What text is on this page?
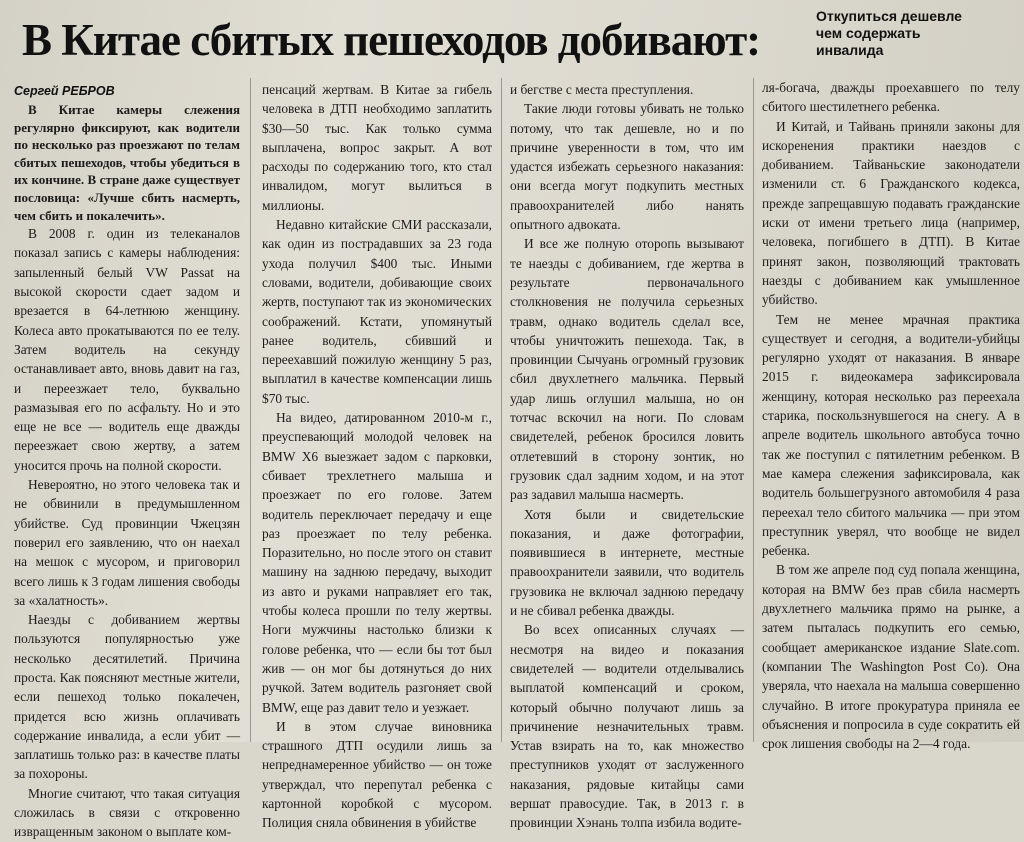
В Китае сбитых пешеходов добивают:	Откупиться дешевле
чем содержать
инвалида
Сергей РЕБРОВ

В Китае камеры слежения регулярно фиксируют, как водители по несколько раз проезжают по телам сбитых пешеходов, чтобы убедиться в их кончине. В стране даже существует пословица: «Лучше сбить насмерть, чем сбить и покалечить».

В 2008 г. один из телеканалов показал запись с камеры наблюдения: запыленный белый VW Passat на высокой скорости сдает задом и врезается в 64-летнюю женщину. Колеса авто прокатываются по ее телу. Затем водитель на секунду останавливает авто, вновь давит на газ, и переезжает тело, буквально размазывая его по асфальту. Но и это еще не все — водитель еще дважды переезжает свою жертву, а затем уносится прочь на полной скорости.

Невероятно, но этого человека так и не обвинили в предумышленном убийстве. Суд провинции Чжецзян поверил его заявлению, что он наехал на мешок с мусором, и приговорил всего лишь к 3 годам лишения свободы за «халатность».

Наезды с добиванием жертвы пользуются популярностью уже несколько десятилетий. Причина проста. Как поясняют местные жители, если пешеход только покалечен, придется всю жизнь оплачивать содержание инвалида, а если убит — заплатишь только раз: в качестве платы за похороны.

Многие считают, что такая ситуация сложилась в связи с откровенно извращенным законом о выплате ком-

пенсаций жертвам. В Китае за гибель человека в ДТП необходимо заплатить $30—50 тыс. Как только сумма выплачена, вопрос закрыт. А вот расходы по содержанию того, кто стал инвалидом, могут вылиться в миллионы.

Недавно китайские СМИ рассказали, как один из пострадавших за 23 года ухода получил $400 тыс. Иными словами, водители, добивающие своих жертв, поступают так из экономических соображений. Кстати, упомянутый ранее водитель, сбивший и переехавший пожилую женщину 5 раз, выплатил в качестве компенсации лишь $70 тыс.

На видео, датированном 2010-м г., преуспевающий молодой человек на BMW X6 выезжает задом с парковки, сбивает трехлетнего малыша и проезжает по его голове. Затем водитель переключает передачу и еще раз проезжает по телу ребенка. Поразительно, но после этого он ставит машину на заднюю передачу, выходит из авто и руками направляет его так, чтобы колеса прошли по телу жертвы. Ноги мужчины настолько близки к голове ребенка, что — если бы тот был жив — он мог бы дотянуться до них ручкой. Затем водитель разгоняет свой BMW, еще раз давит тело и уезжает.

И в этом случае виновника страшного ДТП осудили лишь за непреднамеренное убийство — он тоже утверждал, что перепутал ребенка с картонной коробкой с мусором. Полиция сняла обвинения в убийстве

и бегстве с места преступления.

Такие люди готовы убивать не только потому, что так дешевле, но и по причине уверенности в том, что им удастся избежать серьезного наказания: они всегда могут подкупить местных правоохранителей либо нанять опытного адвоката.

И все же полную оторопь вызывают те наезды с добиванием, где жертва в результате первоначального столкновения не получила серьезных травм, однако водитель сделал все, чтобы уничтожить пешехода. Так, в провинции Сычуань огромный грузовик сбил двухлетнего мальчика. Первый удар лишь оглушил малыша, но он тотчас вскочил на ноги. По словам свидетелей, ребенок бросился ловить отлетевший в сторону зонтик, но грузовик сдал задним ходом, и на этот раз задавил малыша насмерть.

Хотя были и свидетельские показания, и даже фотографии, появившиеся в интернете, местные правоохранители заявили, что водитель грузовика не включал заднюю передачу и не сбивал ребенка дважды.

Во всех описанных случаях — несмотря на видео и показания свидетелей — водители отделывались выплатой компенсаций и сроком, который обычно получают лишь за причинение незначительных травм. Устав взирать на то, как множество преступников уходят от заслуженного наказания, рядовые китайцы сами вершат правосудие. Так, в 2013 г. в провинции Хэнань толпа избила водите-

ля-богача, дважды проехавшего по телу сбитого шестилетнего ребенка.

И Китай, и Тайвань приняли законы для искоренения практики наездов с добиванием. Тайваньские законодатели изменили ст. 6 Гражданского кодекса, прежде запрещавшую подавать гражданские иски от имени третьего лица (например, человека, погибшего в ДТП). В Китае принят закон, позволяющий трактовать наезды с добиванием как умышленное убийство.

Тем не менее мрачная практика существует и сегодня, а водители-убийцы регулярно уходят от наказания. В январе 2015 г. видеокамера зафиксировала женщину, которая несколько раз переехала старика, поскользнувшегося на снегу. А в апреле водитель школьного автобуса точно так же поступил с пятилетним ребенком. В мае камера слежения зафиксировала, как водитель большегрузного автомобиля 4 раза переехал тело сбитого мальчика — при этом преступник уверял, что вообще не видел ребенка.

В том же апреле под суд попала женщина, которая на BMW без прав сбила насмерть двухлетнего мальчика прямо на рынке, а затем пыталась подкупить его семью, сообщает американское издание Slate.com. (компании The Washington Post Co). Она уверяла, что наехала на малыша совершенно случайно. В итоге прокуратура приняла ее объяснения и попросила в суде сократить ей срок лишения свободы на 2—4 года.
